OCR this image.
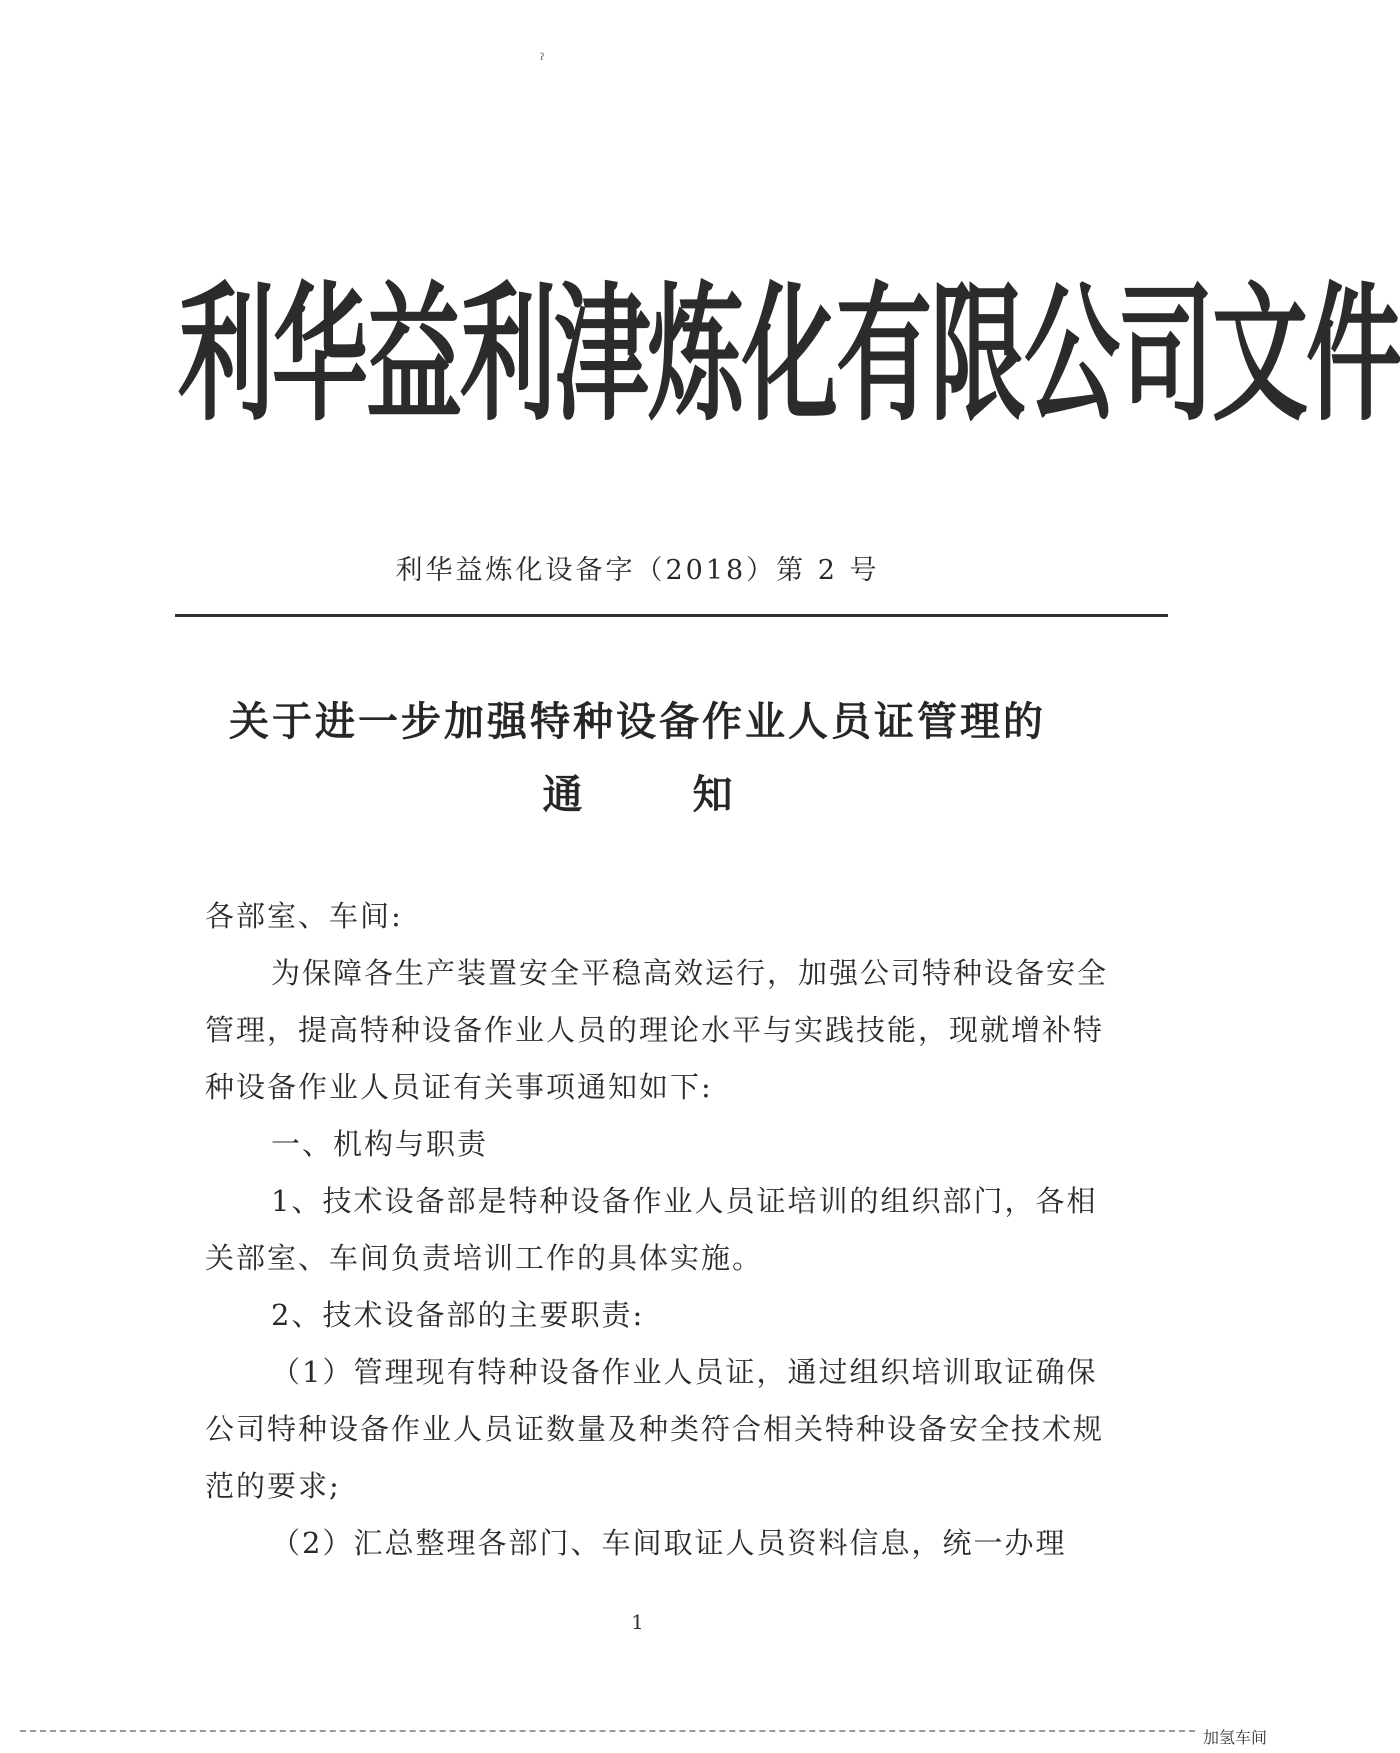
ˀ
利 华 益 利 津 炼 化 有 限 公 司 文 件
利华益炼化设备字（2018）第 2 号
关于进一步加强特种设备作业人员证管理的
通	知

各部室、车间:

为保障各生产装置安全平稳高效运行，加强公司特种设备安全管理，提高特种设备作业人员的理论水平与实践技能，现就增补特种设备作业人员证有关事项通知如下:

一、机构与职责

1、技术设备部是特种设备作业人员证培训的组织部门，各相关部室、车间负责培训工作的具体实施。

2、技术设备部的主要职责:

（1）管理现有特种设备作业人员证，通过组织培训取证确保公司特种设备作业人员证数量及种类符合相关特种设备安全技术规范的要求;

（2）汇总整理各部门、车间取证人员资料信息，统一办理

1
加氢车间
